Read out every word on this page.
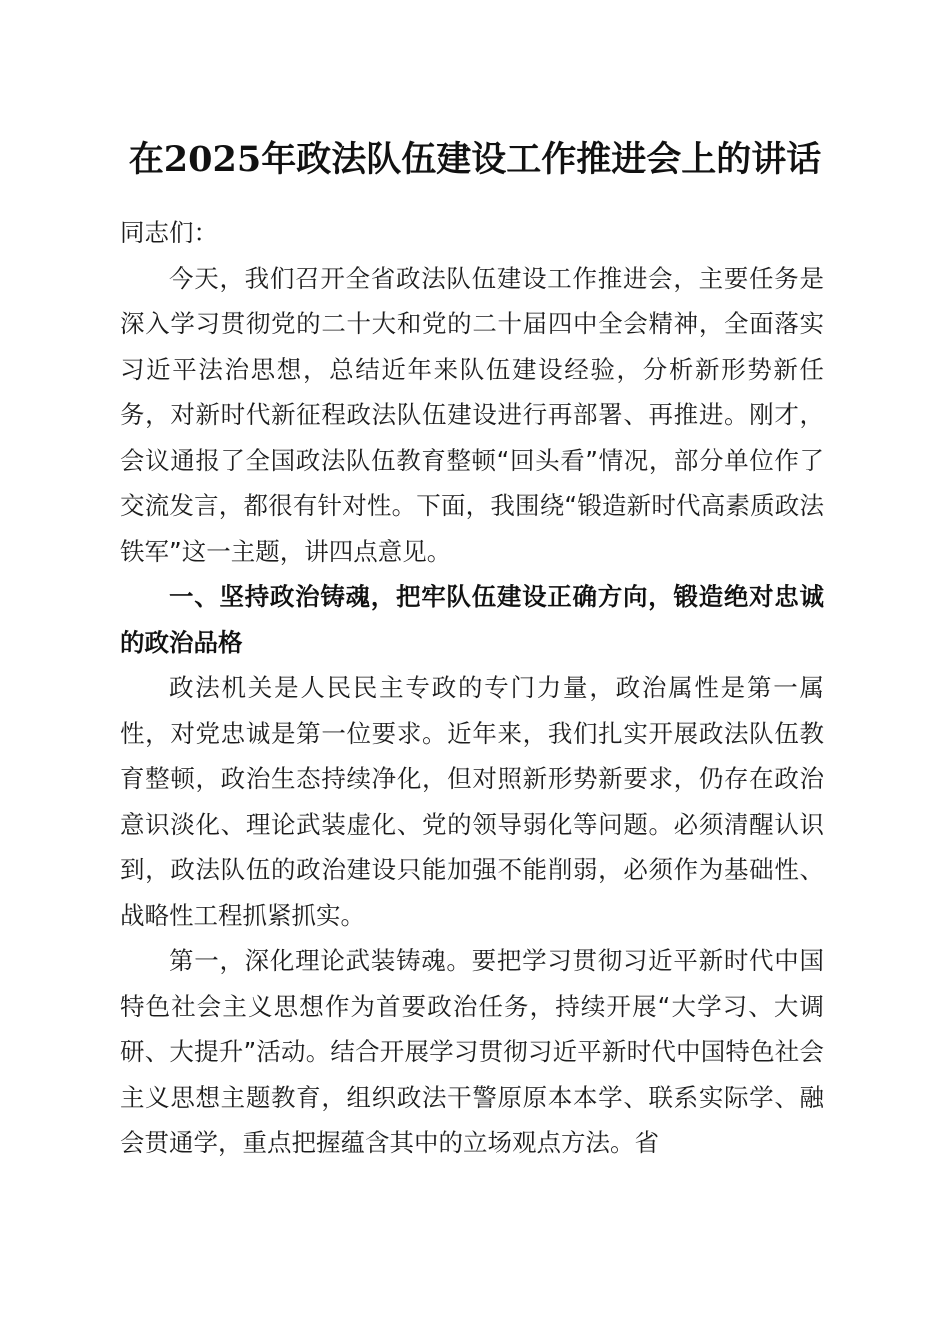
在2025年政法队伍建设工作推进会上的讲话

同志们：

今天，我们召开全省政法队伍建设工作推进会，主要任务是深入学习贯彻党的二十大和党的二十届四中全会精神，全面落实习近平法治思想，总结近年来队伍建设经验，分析新形势新任务，对新时代新征程政法队伍建设进行再部署、再推进。刚才，会议通报了全国政法队伍教育整顿“回头看”情况，部分单位作了交流发言，都很有针对性。下面，我围绕“锻造新时代高素质政法铁军”这一主题，讲四点意见。

一、坚持政治铸魂，把牢队伍建设正确方向，锻造绝对忠诚的政治品格

政法机关是人民民主专政的专门力量，政治属性是第一属性，对党忠诚是第一位要求。近年来，我们扎实开展政法队伍教育整顿，政治生态持续净化，但对照新形势新要求，仍存在政治意识淡化、理论武装虚化、党的领导弱化等问题。必须清醒认识到，政法队伍的政治建设只能加强不能削弱，必须作为基础性、战略性工程抓紧抓实。

第一，深化理论武装铸魂。要把学习贯彻习近平新时代中国特色社会主义思想作为首要政治任务，持续开展“大学习、大调研、大提升”活动。结合开展学习贯彻习近平新时代中国特色社会主义思想主题教育，组织政法干警原原本本学、联系实际学、融会贯通学，重点把握蕴含其中的立场观点方法。省
